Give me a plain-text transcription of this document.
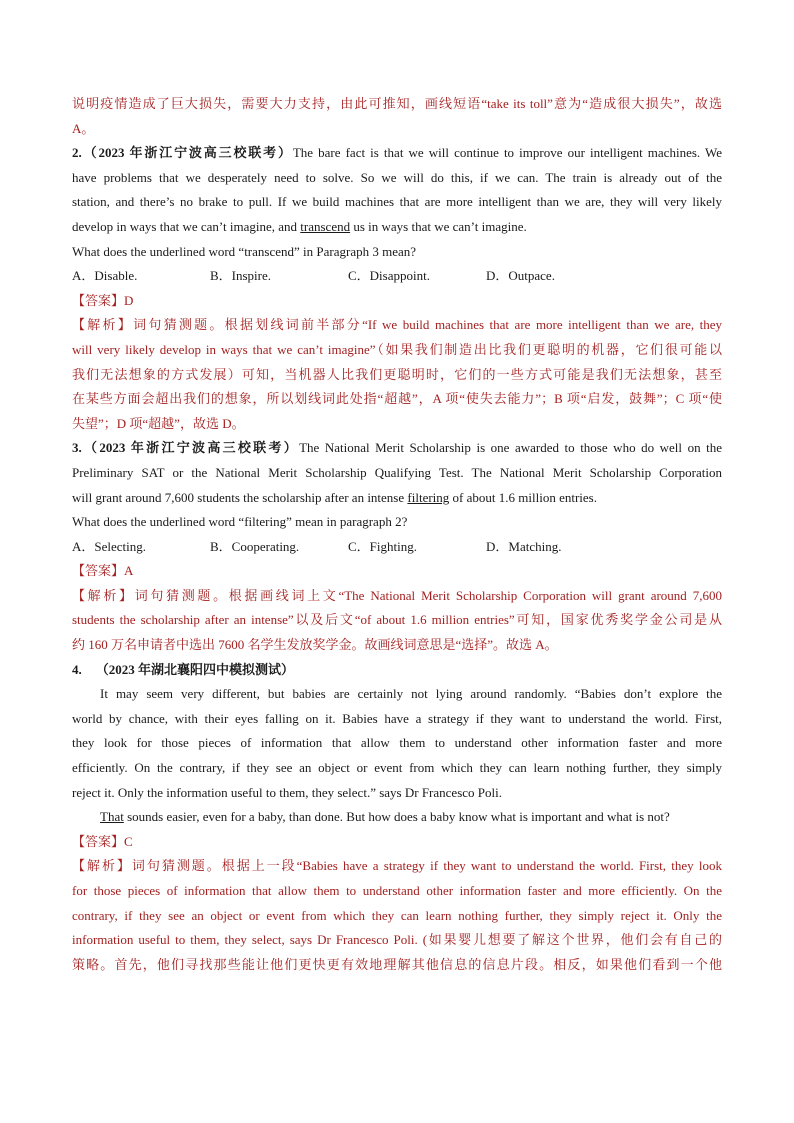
说明疫情造成了巨大损失，需要大力支持，由此可推知，画线短语“take its toll”意为“造成很大损失”，故选
A。
2.（2023 年浙江宁波高三校联考）The bare fact is that we will continue to improve our intelligent machines. We
have problems that we desperately need to solve. So we will do this, if we can. The train is already out of the
station, and there’s no brake to pull. If we build machines that are more intelligent than we are, they will very likely
develop in ways that we can’t imagine, and transcend us in ways that we can’t imagine.
What does the underlined word “transcend” in Paragraph 3 mean?
A．Disable.	B．Inspire.	C．Disappoint.	D．Outpace.
【答案】D
【解析】词句猜测题。根据划线词前半部分“If we build machines that are more intelligent than we are, they
will very likely develop in ways that we can’t imagine”（如果我们制造出比我们更聪明的机器，它们很可能以
我们无法想象的方式发展）可知，当机器人比我们更聪明时，它们的一些方式可能是我们无法想象，甚至
在某些方面会超出我们的想象，所以划线词此处指“超越”，A 项“使失去能力”；B 项“启发，鼓舞”；C 项“使
失望”；D 项“超越”，故选 D。
3.（2023 年浙江宁波高三校联考）The National Merit Scholarship is one awarded to those who do well on the
Preliminary SAT or the National Merit Scholarship Qualifying Test. The National Merit Scholarship Corporation
will grant around 7,600 students the scholarship after an intense filtering of about 1.6 million entries.
What does the underlined word “filtering” mean in paragraph 2?
A．Selecting.	B．Cooperating.	C．Fighting.	D．Matching.
【答案】A
【解析】词句猜测题。根据画线词上文“The National Merit Scholarship Corporation will grant around 7,600
students the scholarship after an intense”以及后文“of about 1.6 million entries”可知，国家优秀奖学金公司是从
约 160 万名申请者中选出 7600 名学生发放奖学金。故画线词意思是“选择”。故选 A。
4. （2023 年湖北襄阳四中模拟测试）
It may seem very different, but babies are certainly not lying around randomly. “Babies don’t explore the
world by chance, with their eyes falling on it. Babies have a strategy if they want to understand the world. First,
they look for those pieces of information that allow them to understand other information faster and more
efficiently. On the contrary, if they see an object or event from which they can learn nothing further, they simply
reject it. Only the information useful to them, they select.” says Dr Francesco Poli.
That sounds easier, even for a baby, than done. But how does a baby know what is important and what is not?
【答案】C
【解析】词句猜测题。根据上一段“Babies have a strategy if they want to understand the world. First, they look
for those pieces of information that allow them to understand other information faster and more efficiently. On the
contrary, if they see an object or event from which they can learn nothing further, they simply reject it. Only the
information useful to them, they select, says Dr Francesco Poli. (如果婴儿想要了解这个世界，他们会有自己的
策略。首先，他们寻找那些能让他们更快更有效地理解其他信息的信息片段。相反，如果他们看到一个他
